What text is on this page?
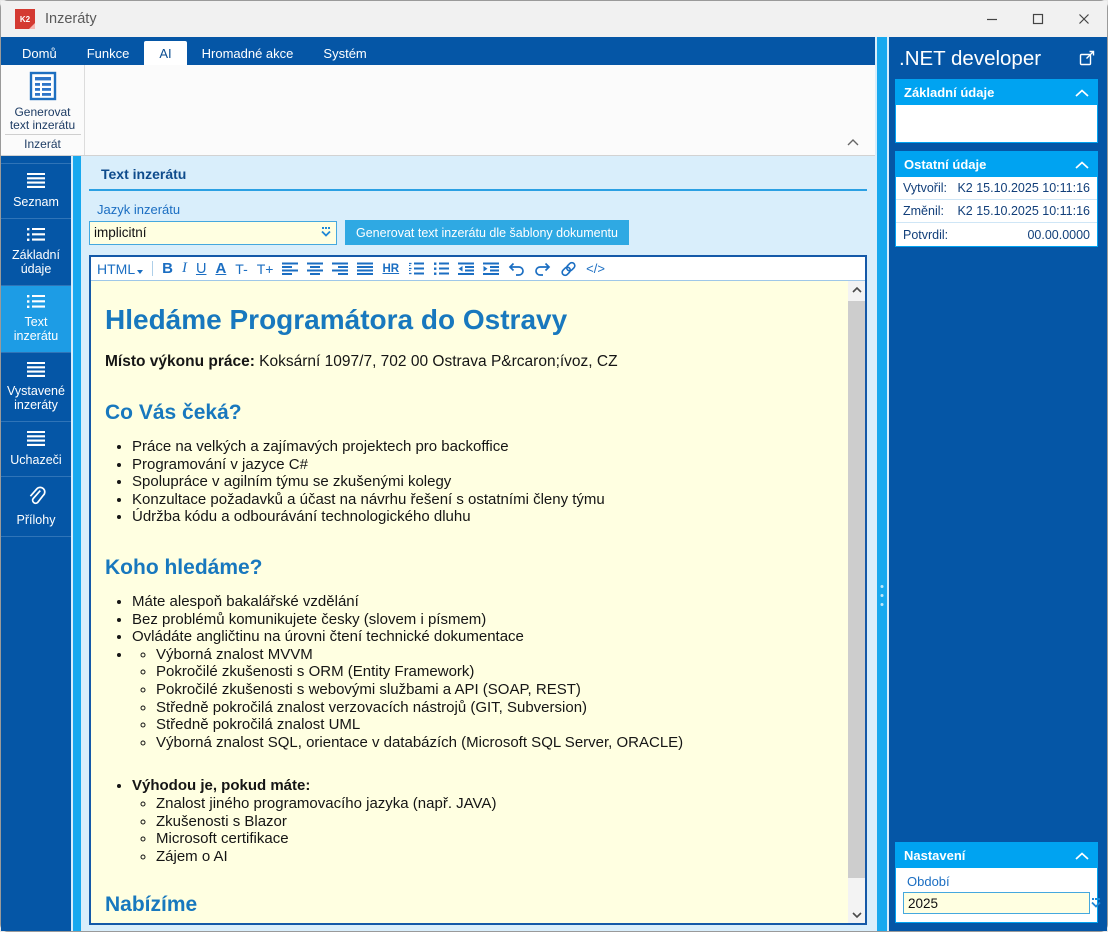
K2 Inzeráty
Domů	Funkce	AI	Hromadné akce	Systém
Generovat text inzerátu
Inzerát
Seznam
Základní údaje
Text inzerátu
Vystavené inzeráty
Uchazeči
Přílohy
Text inzerátu
Jazyk inzerátu
implicitní
Generovat text inzerátu dle šablony dokumentu
HTML B I U A T- T+	HR	</>
Hledáme Programátora do Ostravy

Místo výkonu práce: Koksární 1097/7, 702 00 Ostrava P&rcaron;ívoz, CZ

Co Vás čeká?
• Práce na velkých a zajímavých projektech pro backoffice
• Programování v jazyce C#
• Spolupráce v agilním týmu se zkušenými kolegy
• Konzultace požadavků a účast na návrhu řešení s ostatními členy týmu
• Údržba kódu a odbourávání technologického dluhu
Koho hledáme?
• Máte alespoň bakalářské vzdělání
• Bez problémů komunikujete česky (slovem i písmem)
• Ovládáte angličtinu na úrovni čtení technické dokumentace
◦ • Výborná znalost MVVM
◦ Pokročilé zkušenosti s ORM (Entity Framework)
◦ Pokročilé zkušenosti s webovými službami a API (SOAP, REST)
◦ Středně pokročilá znalost verzovacích nástrojů (GIT, Subversion)
◦ Středně pokročilá znalost UML
◦ Výborná znalost SQL, orientace v databázích (Microsoft SQL Server, ORACLE)
• Výhodou je, pokud máte:
◦ Znalost jiného programovacího jazyka (např. JAVA)
◦ Zkušenosti s Blazor
◦ Microsoft certifikace
◦ Zájem o AI
Nabízíme
.NET developer
Základní údaje
Ostatní údaje
Vytvořil: K2 15.10.2025 10:11:16
Změnil: K2 15.10.2025 10:11:16
Potvrdil:	00.00.0000
Nastavení
Období
2025
